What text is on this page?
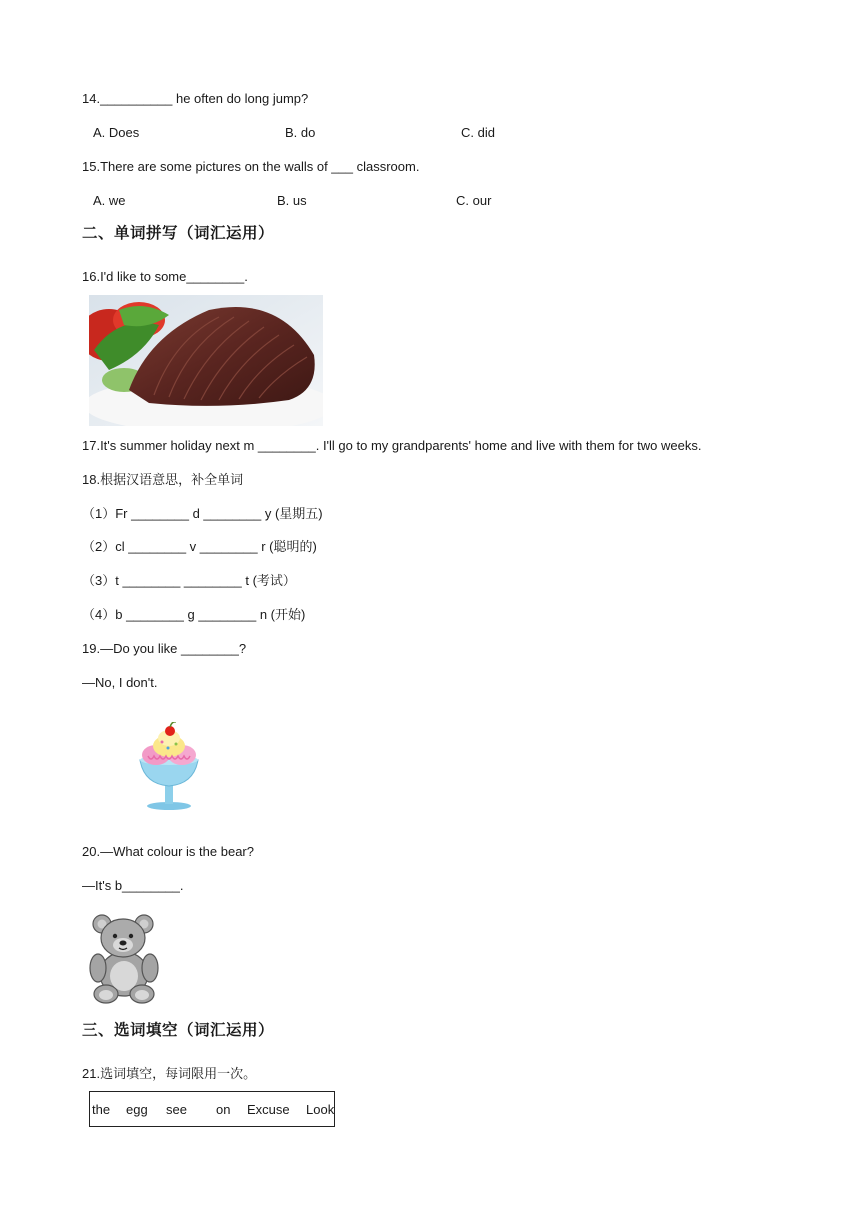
14.__________ he often do long jump?
A. Does	B. do	C. did
15.There are some pictures on the walls of ___ classroom.
A. we	B. us	C. our
二、单词拼写（词汇运用）
16.I'd like to some________.
17.It's summer holiday next m ________. I'll go to my grandparents' home and live with them for two weeks.
18.根据汉语意思，补全单词
（1）Fr ________ d ________ y (星期五)
（2）cl ________ v ________ r (聪明的)
（3）t ________ ________ t (考试）
（4）b ________ g ________ n (开始)
19.—Do you like ________?
—No, I don't.
20.—What colour is the bear?
—It's b________.
三、选词填空（词汇运用）
21.选词填空，每词限用一次。
the egg see on Excuse Look
